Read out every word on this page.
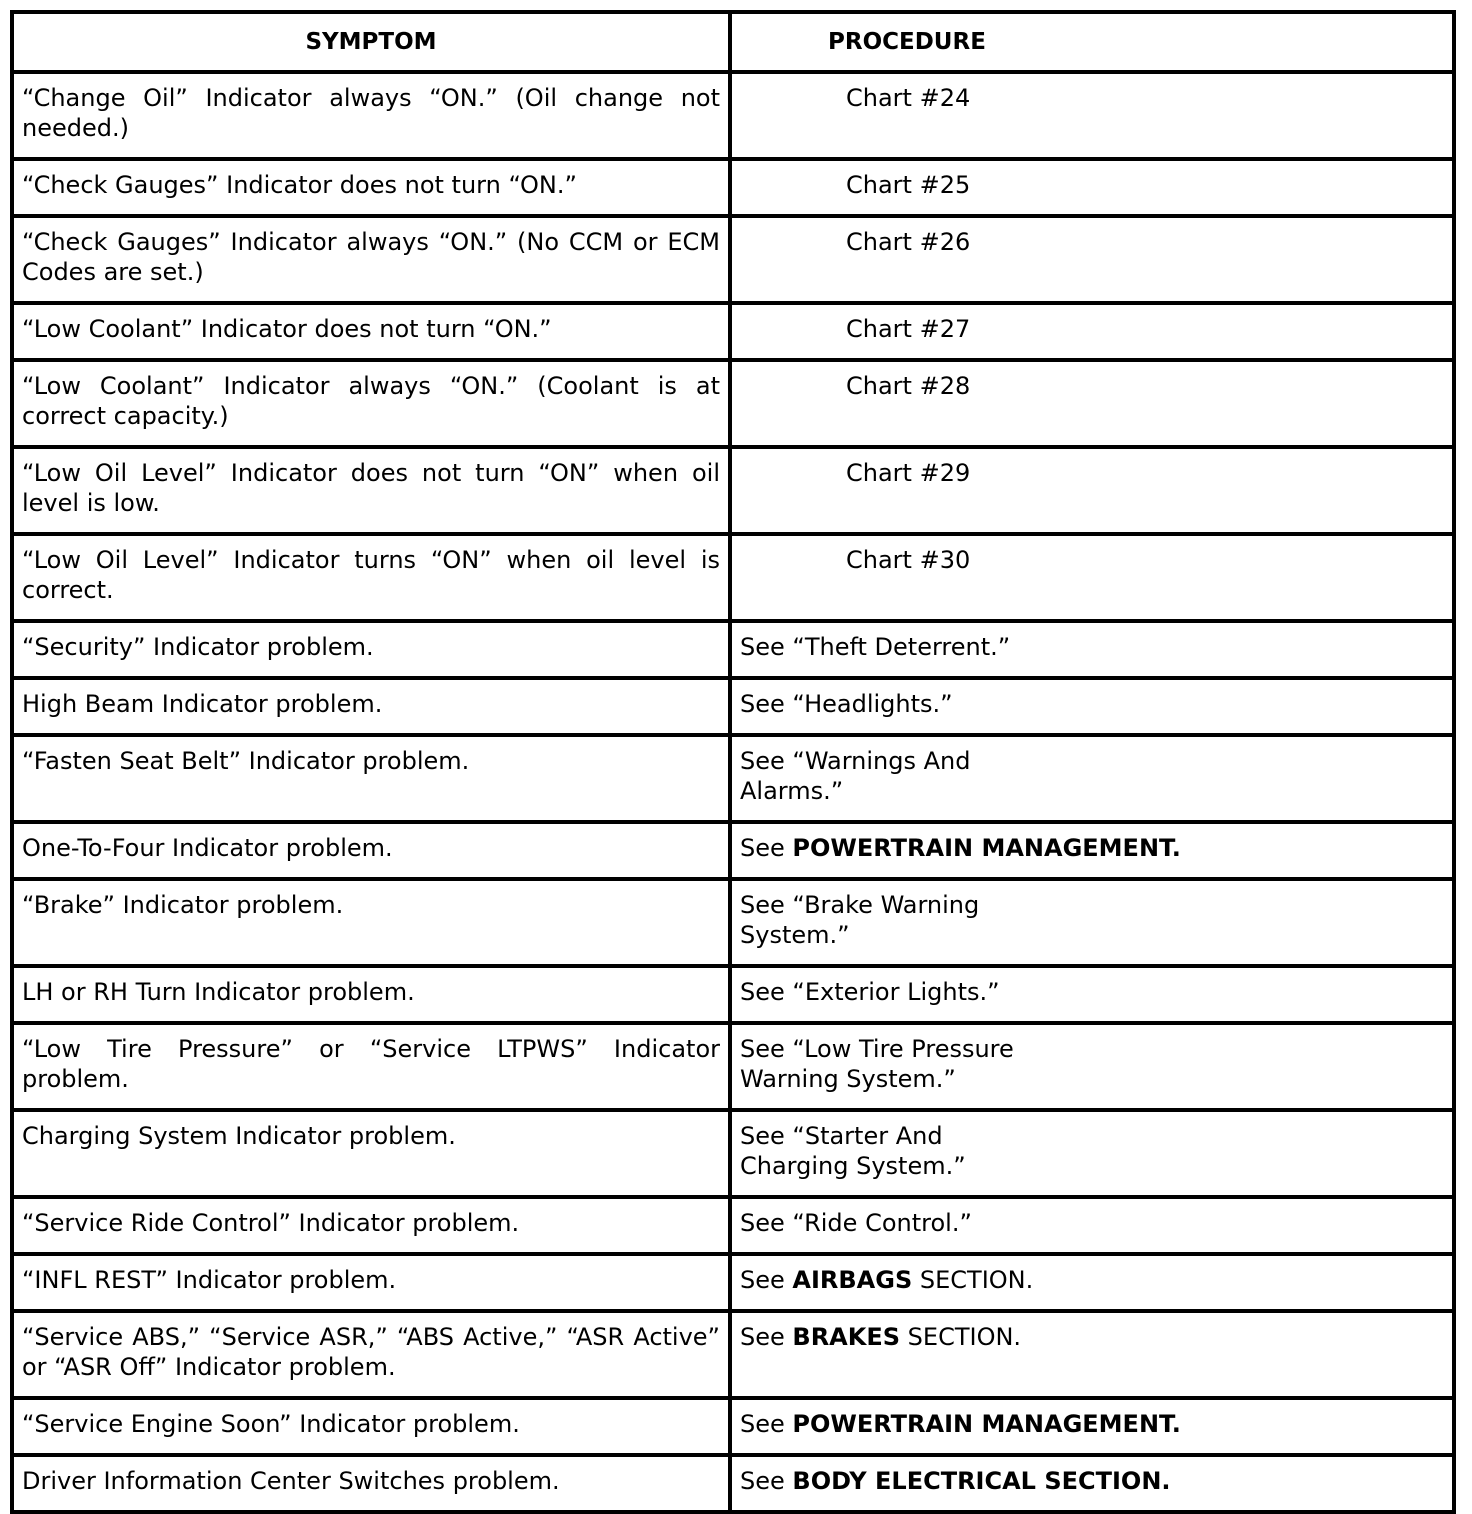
SYMPTOM	PROCEDURE
“Change Oil” Indicator always “ON.” (Oil change not needed.)	Chart #24

“Check Gauges” Indicator does not turn “ON.”	Chart #25

“Check Gauges” Indicator always “ON.” (No CCM or ECM Codes are set.)	Chart #26

“Low Coolant” Indicator does not turn “ON.”	Chart #27

“Low Coolant” Indicator always “ON.” (Coolant is at correct capacity.)	Chart #28

“Low Oil Level” Indicator does not turn “ON” when oil level is low.	Chart #29

“Low Oil Level” Indicator turns “ON” when oil level is correct.	Chart #30

“Security” Indicator problem.	See “Theft Deterrent.”

High Beam Indicator problem.	See “Headlights.”

“Fasten Seat Belt” Indicator problem.	See “Warnings And
Alarms.”

One-To-Four Indicator problem.	See POWERTRAIN MANAGEMENT.
“Brake” Indicator problem.	See “Brake Warning
System.”

LH or RH Turn Indicator problem.	See “Exterior Lights.”

“Low Tire Pressure” or “Service LTPWS” Indicator problem.	See “Low Tire Pressure
Warning System.”

Charging System Indicator problem.	See “Starter And
Charging System.”

“Service Ride Control” Indicator problem.	See “Ride Control.”

“INFL REST” Indicator problem.	See AIRBAGS SECTION.
“Service ABS,” “Service ASR,” “ABS Active,” “ASR Active” or “ASR Off” Indicator problem.	See BRAKES SECTION.
“Service Engine Soon” Indicator problem.	See POWERTRAIN MANAGEMENT.
Driver Information Center Switches problem.	See BODY ELECTRICAL SECTION.
